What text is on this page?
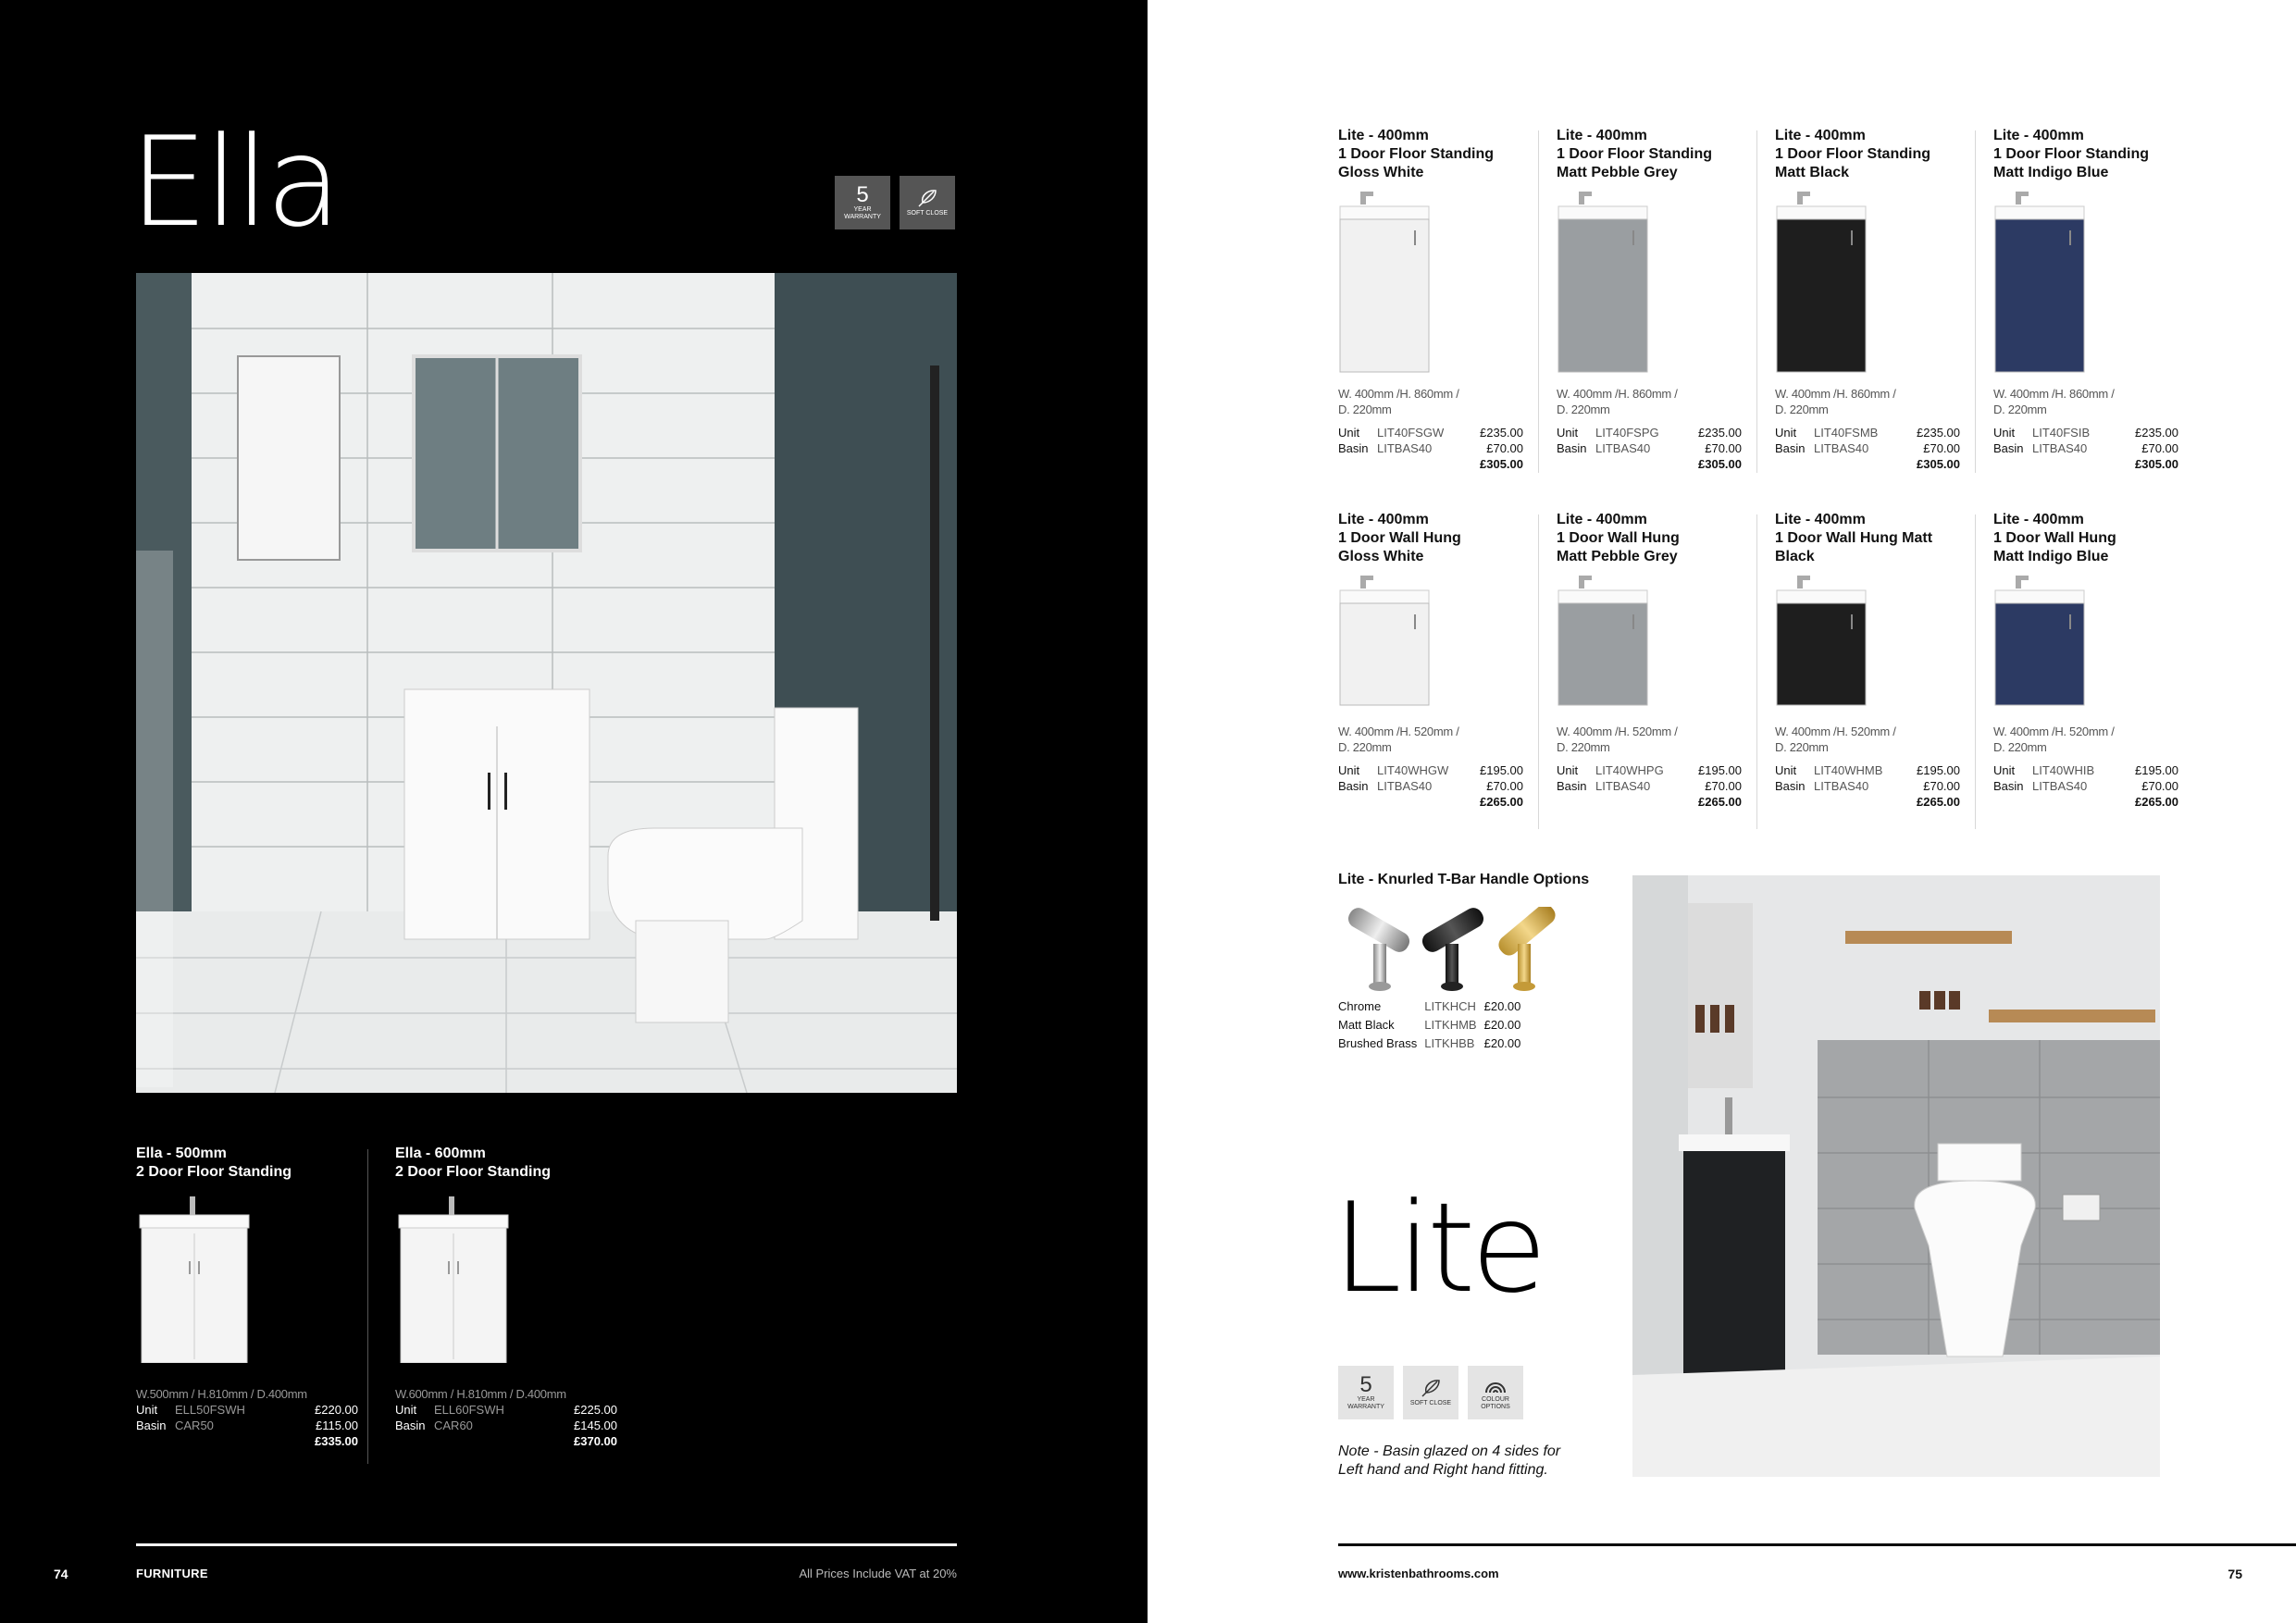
Ella	5
YEAR WARRANTY
SOFT CLOSE
Ella - 500mm
2 Door Floor Standing
W.500mm / H.810mm / D.400mm
Unit	ELL50FSWH	£220.00
Basin	CAR50	£115.00
		£335.00
Ella - 600mm
2 Door Floor Standing
W.600mm / H.810mm / D.400mm
Unit	ELL60FSWH	£225.00
Basin	CAR60	£145.00
		£370.00
74	FURNITURE	All Prices Include VAT at 20%
Lite - 400mm
1 Door Floor Standing
Gloss White
W. 400mm /H. 860mm /
D. 220mm
Unit	LIT40FSGW	£235.00
Basin	LITBAS40	£70.00
		£305.00
Lite - 400mm
1 Door Floor Standing
Matt Pebble Grey
W. 400mm /H. 860mm /
D. 220mm
Unit	LIT40FSPG	£235.00
Basin	LITBAS40	£70.00
		£305.00
Lite - 400mm
1 Door Floor Standing
Matt Black
W. 400mm /H. 860mm /
D. 220mm
Unit	LIT40FSMB	£235.00
Basin	LITBAS40	£70.00
		£305.00
Lite - 400mm
1 Door Floor Standing
Matt Indigo Blue
W. 400mm /H. 860mm /
D. 220mm
Unit	LIT40FSIB	£235.00
Basin	LITBAS40	£70.00
		£305.00
Lite - 400mm
1 Door Wall Hung
Gloss White
W. 400mm /H. 520mm /
D. 220mm
Unit	LIT40WHGW	£195.00
Basin	LITBAS40	£70.00
		£265.00
Lite - 400mm
1 Door Wall Hung
Matt Pebble Grey
W. 400mm /H. 520mm /
D. 220mm
Unit	LIT40WHPG	£195.00
Basin	LITBAS40	£70.00
		£265.00
Lite - 400mm
1 Door Wall Hung Matt
Black
W. 400mm /H. 520mm /
D. 220mm
Unit	LIT40WHMB	£195.00
Basin	LITBAS40	£70.00
		£265.00
Lite - 400mm
1 Door Wall Hung
Matt Indigo Blue
W. 400mm /H. 520mm /
D. 220mm
Unit	LIT40WHIB	£195.00
Basin	LITBAS40	£70.00
		£265.00
Lite - Knurled T-Bar Handle Options
Chrome	LITKHCH	£20.00
Matt Black	LITKHMB	£20.00
Brushed Brass	LITKHBB	£20.00
Lite
5
YEAR WARRANTY
SOFT CLOSE
COLOUR OPTIONS
Note - Basin glazed on 4 sides for Left hand and Right hand fitting.
www.kristenbathrooms.com	75
